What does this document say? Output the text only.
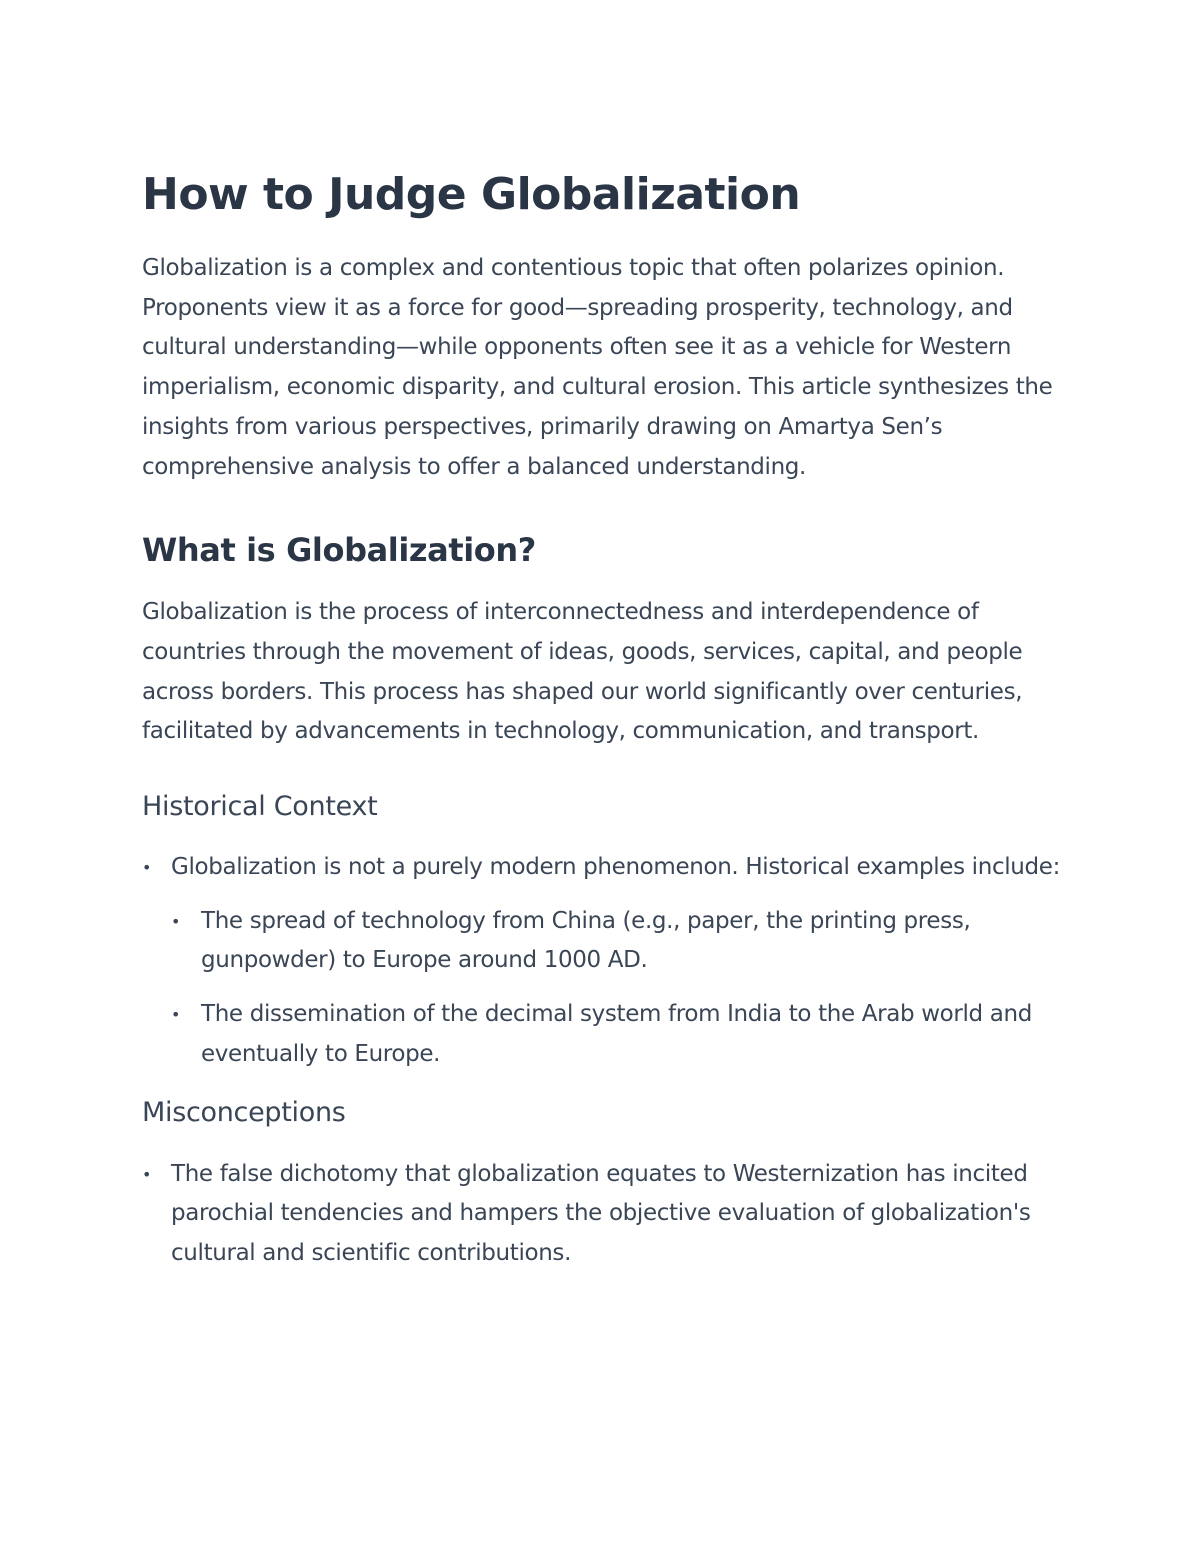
How to Judge Globalization

Globalization is a complex and contentious topic that often polarizes opinion. Proponents view it as a force for good—spreading prosperity, technology, and cultural understanding—while opponents often see it as a vehicle for Western imperialism, economic disparity, and cultural erosion. This article synthesizes the insights from various perspectives, primarily drawing on Amartya Sen’s comprehensive analysis to offer a balanced understanding.

What is Globalization?

Globalization is the process of interconnectedness and interdependence of countries through the movement of ideas, goods, services, capital, and people across borders. This process has shaped our world significantly over centuries, facilitated by advancements in technology, communication, and transport.

Historical Context
• Globalization is not a purely modern phenomenon. Historical examples include:
• The spread of technology from China (e.g., paper, the printing press, gunpowder) to Europe around 1000 AD.
• The dissemination of the decimal system from India to the Arab world and eventually to Europe.
Misconceptions
• The false dichotomy that globalization equates to Westernization has incited parochial tendencies and hampers the objective evaluation of globalization's cultural and scientific contributions.
